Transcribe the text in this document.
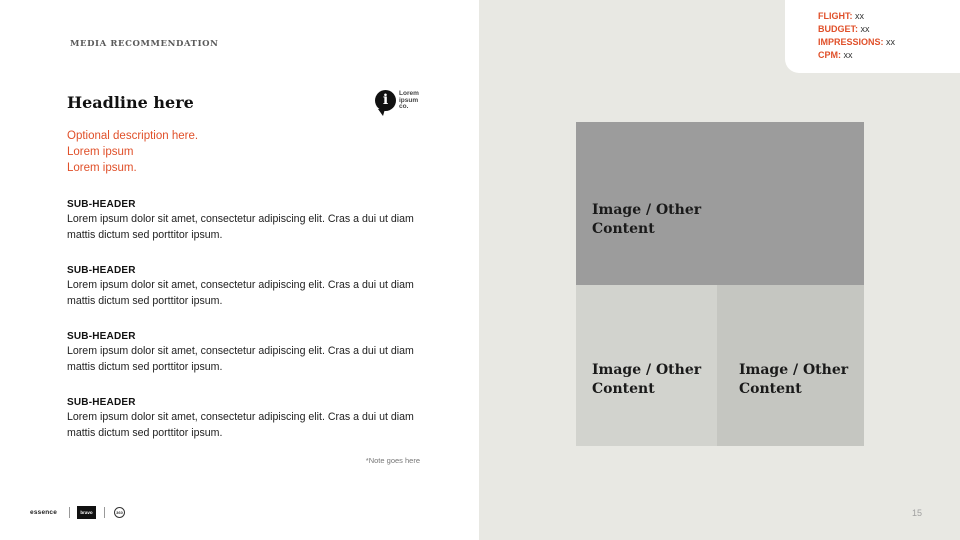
MEDIA RECOMMENDATION
Headline here	i	Lorem
ipsum
co.
Optional description here.
Lorem ipsum
Lorem ipsum.
SUB-HEADER
Lorem ipsum dolor sit amet, consectetur adipiscing elit. Cras a dui ut diam mattis dictum sed porttitor ipsum.
SUB-HEADER
Lorem ipsum dolor sit amet, consectetur adipiscing elit. Cras a dui ut diam mattis dictum sed porttitor ipsum.
SUB-HEADER
Lorem ipsum dolor sit amet, consectetur adipiscing elit. Cras a dui ut diam mattis dictum sed porttitor ipsum.
SUB-HEADER
Lorem ipsum dolor sit amet, consectetur adipiscing elit. Cras a dui ut diam mattis dictum sed porttitor ipsum.
*Note goes here
essence	bravo	360
FLIGHT: xx
BUDGET: xx
IMPRESSIONS: xx
CPM: xx
Image / Other
Content
Image / Other
Content
Image / Other
Content
15
